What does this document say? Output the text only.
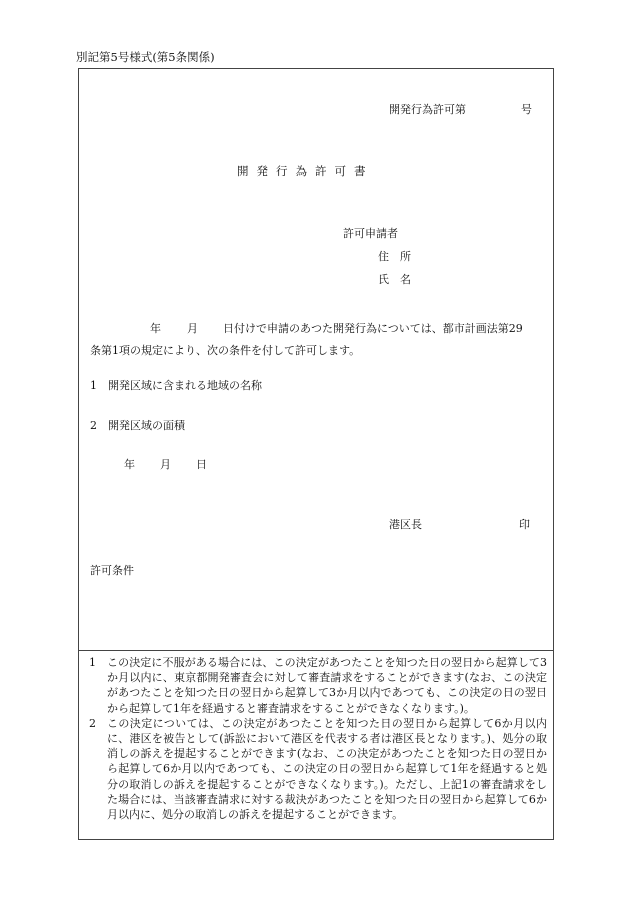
別記第5号様式(第5条関係)
開発行為許可第	号
開発行為許可書
許可申請者
住　所
氏　名
年 月 日付けで申請のあつた開発行為については、都市計画法第29
条第1項の規定により、次の条件を付して許可します。
1　開発区域に含まれる地域の名称
2　開発区域の面積
年 月 日
港区長	印
許可条件
1	この決定に不服がある場合には、この決定があつたことを知つた日の翌日から起算して3か月以内に、東京都開発審査会に対して審査請求をすることができます(なお、この決定があつたことを知つた日の翌日から起算して3か月以内であつても、この決定の日の翌日から起算して1年を経過すると審査請求をすることができなくなります。)。
2	この決定については、この決定があつたことを知つた日の翌日から起算して6か月以内に、港区を被告として(訴訟において港区を代表する者は港区長となります。)、処分の取消しの訴えを提起することができます(なお、この決定があつたことを知つた日の翌日から起算して6か月以内であつても、この決定の日の翌日から起算して1年を経過すると処分の取消しの訴えを提起することができなくなります。)。ただし、上記1の審査請求をした場合には、当該審査請求に対する裁決があつたことを知つた日の翌日から起算して6か月以内に、処分の取消しの訴えを提起することができます。
